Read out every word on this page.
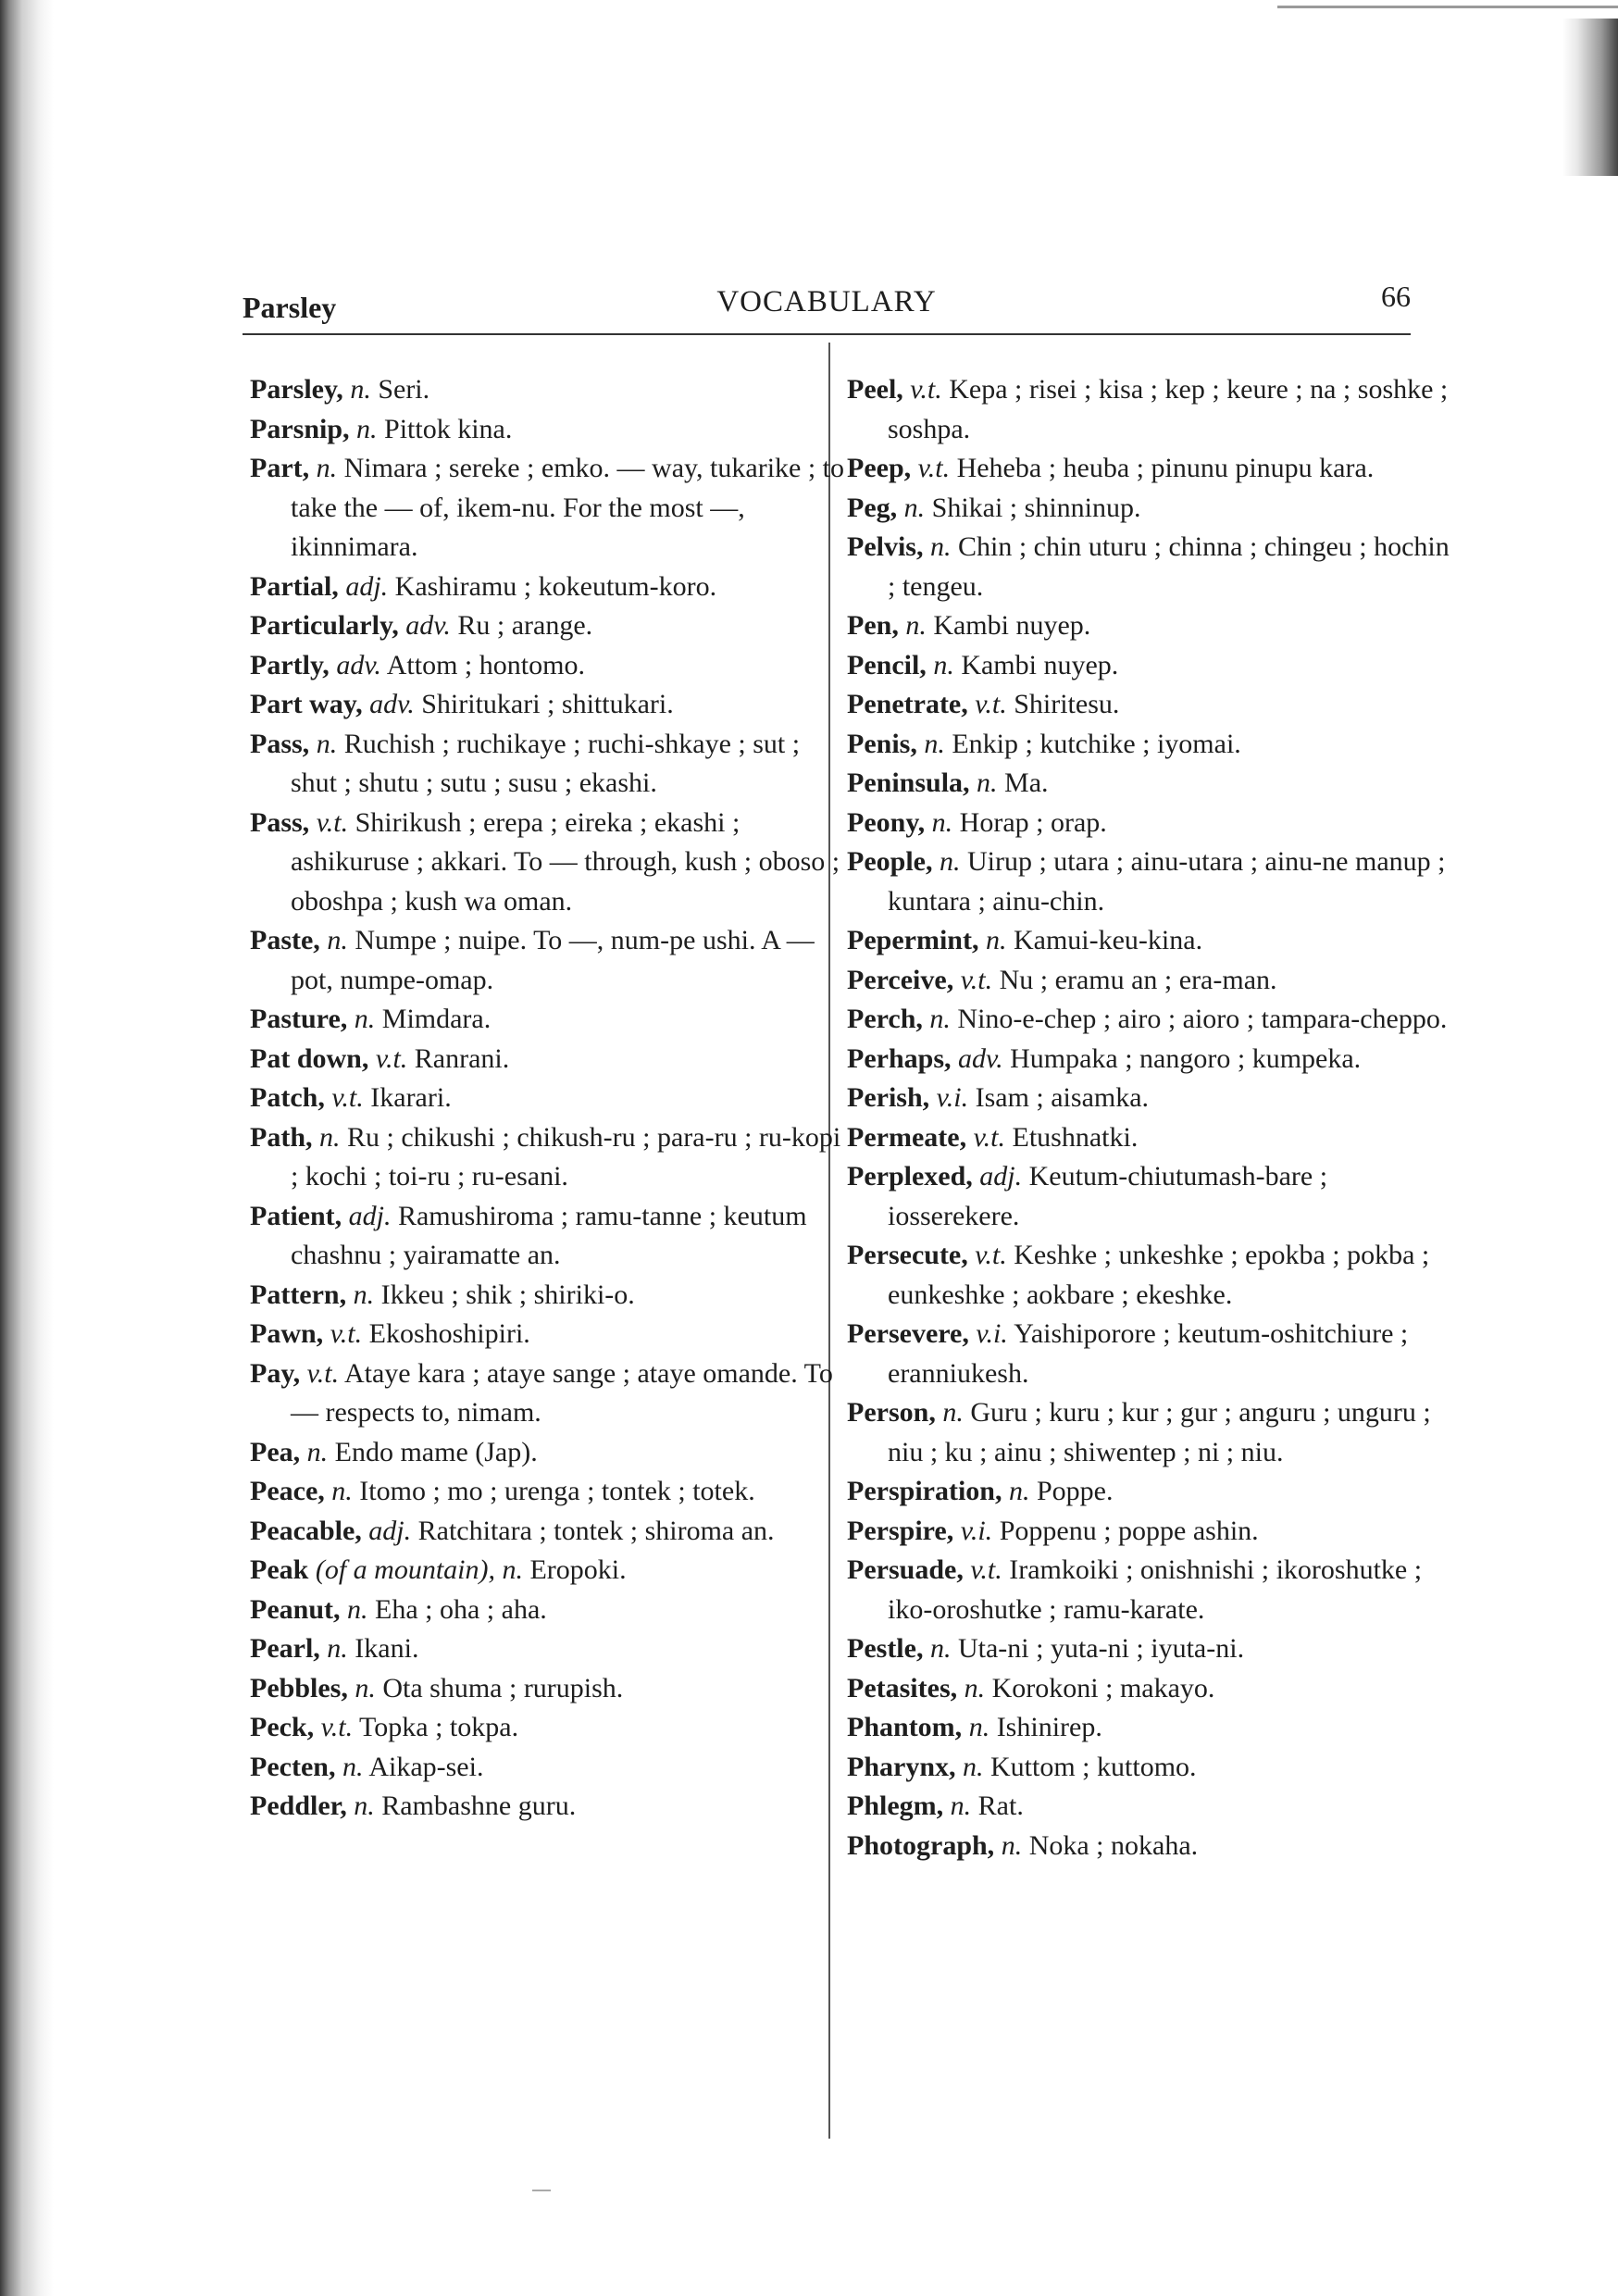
Parsley	VOCABULARY	66

Parsley, n. Seri.

Parsnip, n. Pittok kina.

Part, n. Nimara ; sereke ; emko. — way, tukarike ; to take the — of, ikem-nu. For the most —, ikinnimara.

Partial, adj. Kashiramu ; kokeutum-koro.

Particularly, adv. Ru ; arange.

Partly, adv. Attom ; hontomo.

Part way, adv. Shiritukari ; shittukari.

Pass, n. Ruchish ; ruchikaye ; ruchi-shkaye ; sut ; shut ; shutu ; sutu ; susu ; ekashi.

Pass, v.t. Shirikush ; erepa ; eireka ; ekashi ; ashikuruse ; akkari. To — through, kush ; oboso ; oboshpa ; kush wa oman.

Paste, n. Numpe ; nuipe. To —, num-pe ushi. A — pot, numpe-omap.

Pasture, n. Mimdara.

Pat down, v.t. Ranrani.

Patch, v.t. Ikarari.

Path, n. Ru ; chikushi ; chikush-ru ; para-ru ; ru-kopi ; kochi ; toi-ru ; ru-esani.

Patient, adj. Ramushiroma ; ramu-tanne ; keutum chashnu ; yairamatte an.

Pattern, n. Ikkeu ; shik ; shiriki-o.

Pawn, v.t. Ekoshoshipiri.

Pay, v.t. Ataye kara ; ataye sange ; ataye omande. To — respects to, nimam.

Pea, n. Endo mame (Jap).

Peace, n. Itomo ; mo ; urenga ; tontek ; totek.

Peacable, adj. Ratchitara ; tontek ; shiroma an.

Peak (of a mountain), n. Eropoki.

Peanut, n. Eha ; oha ; aha.

Pearl, n. Ikani.

Pebbles, n. Ota shuma ; rurupish.

Peck, v.t. Topka ; tokpa.

Pecten, n. Aikap-sei.

Peddler, n. Rambashne guru.

Peel, v.t. Kepa ; risei ; kisa ; kep ; keure ; na ; soshke ; soshpa.

Peep, v.t. Heheba ; heuba ; pinunu pinupu kara.

Peg, n. Shikai ; shinninup.

Pelvis, n. Chin ; chin uturu ; chinna ; chingeu ; hochin ; tengeu.

Pen, n. Kambi nuyep.

Pencil, n. Kambi nuyep.

Penetrate, v.t. Shiritesu.

Penis, n. Enkip ; kutchike ; iyomai.

Peninsula, n. Ma.

Peony, n. Horap ; orap.

People, n. Uirup ; utara ; ainu-utara ; ainu-ne manup ; kuntara ; ainu-chin.

Pepermint, n. Kamui-keu-kina.

Perceive, v.t. Nu ; eramu an ; era-man.

Perch, n. Nino-e-chep ; airo ; aioro ; tampara-cheppo.

Perhaps, adv. Humpaka ; nangoro ; kumpeka.

Perish, v.i. Isam ; aisamka.

Permeate, v.t. Etushnatki.

Perplexed, adj. Keutum-chiutumash-bare ; iosserekere.

Persecute, v.t. Keshke ; unkeshke ; epokba ; pokba ; eunkeshke ; aokbare ; ekeshke.

Persevere, v.i. Yaishiporore ; keutum-oshitchiure ; eranniukesh.

Person, n. Guru ; kuru ; kur ; gur ; anguru ; unguru ; niu ; ku ; ainu ; shiwentep ; ni ; niu.

Perspiration, n. Poppe.

Perspire, v.i. Poppenu ; poppe ashin.

Persuade, v.t. Iramkoiki ; onishnishi ; ikoroshutke ; iko-oroshutke ; ramu-karate.

Pestle, n. Uta-ni ; yuta-ni ; iyuta-ni.

Petasites, n. Korokoni ; makayo.

Phantom, n. Ishinirep.

Pharynx, n. Kuttom ; kuttomo.

Phlegm, n. Rat.

Photograph, n. Noka ; nokaha.
